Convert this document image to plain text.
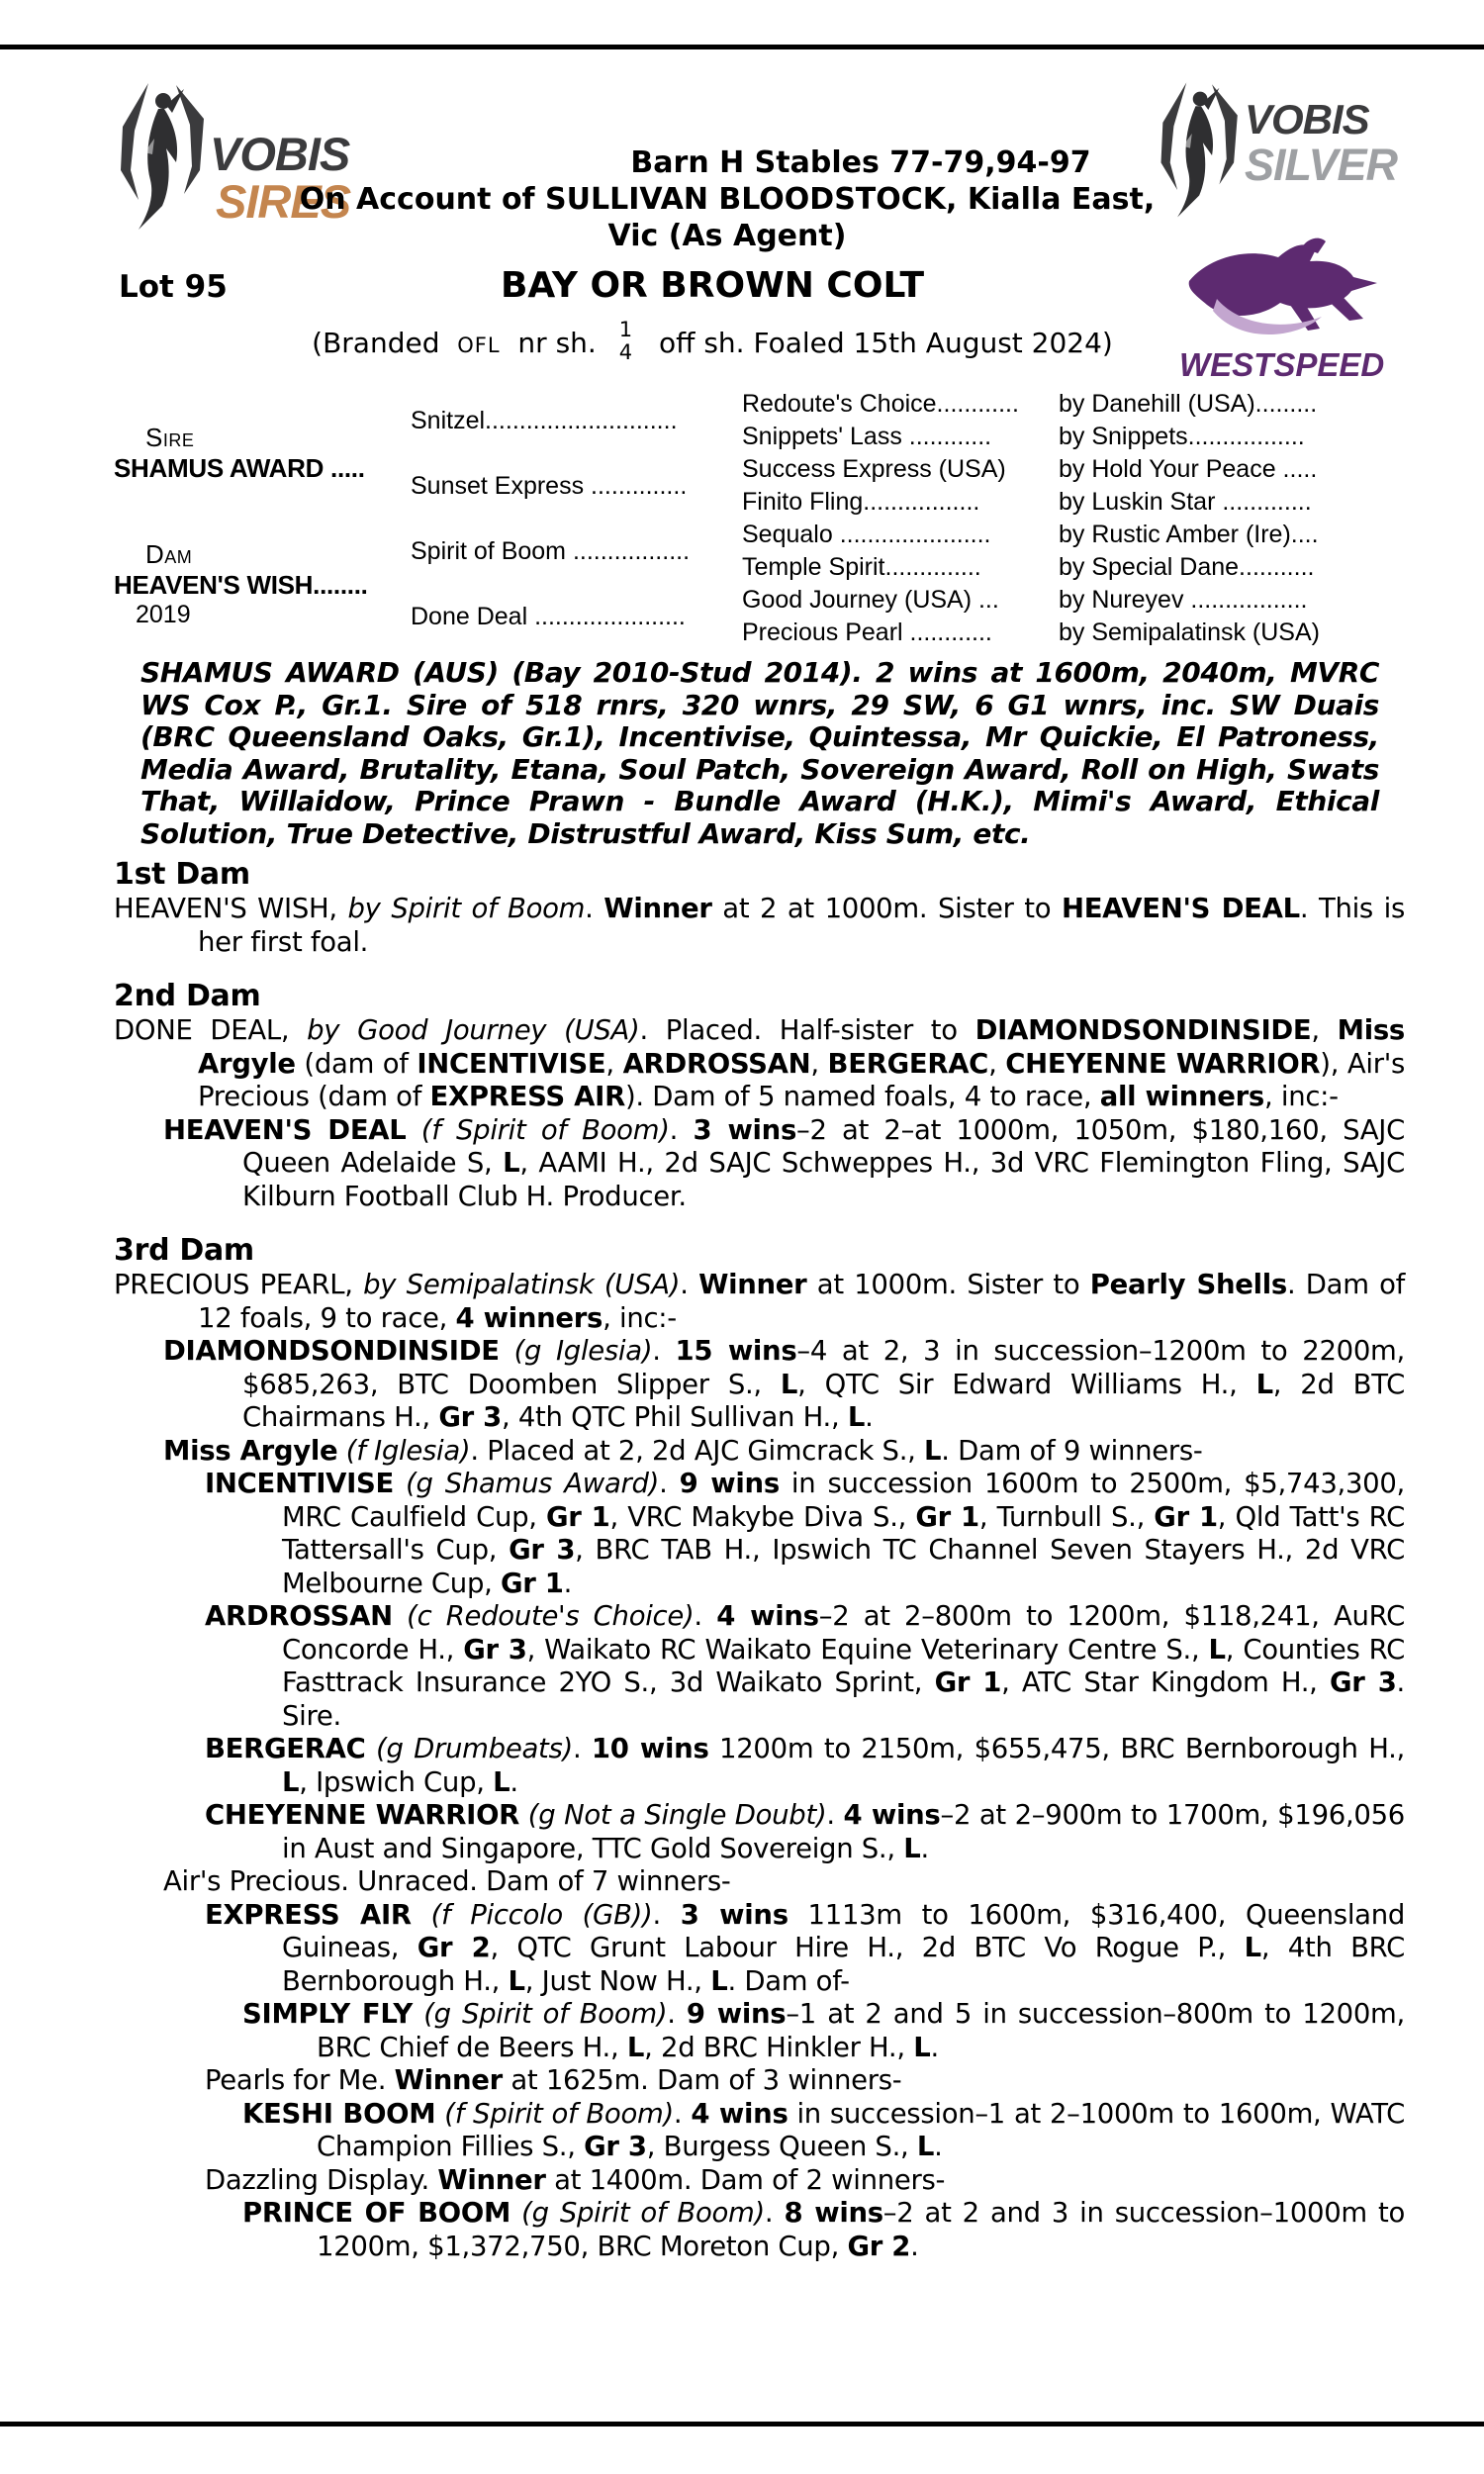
VOBIS
SIRES
VOBIS
SILVER
WESTSPEED
Barn H Stables 77-79,94-97
On Account of SULLIVAN BLOODSTOCK, Kialla East,
Vic (As Agent)
Lot 95	BAY OR BROWN COLT
(Branded OFL nr sh. 1
4 off sh. Foaled 15th August 2024)
Sire
SHAMUS AWARD .....
Dam
HEAVEN'S WISH........
2019
Snitzel............................
Sunset Express ..............
Spirit of Boom .................
Done Deal ......................
Redoute's Choice............
Snippets' Lass ............
Success Express (USA)
Finito Fling.................
Sequalo ......................
Temple Spirit..............
Good Journey (USA) ...
Precious Pearl ............
by Danehill (USA).........
by Snippets.................
by Hold Your Peace .....
by Luskin Star .............
by Rustic Amber (Ire)....
by Special Dane...........
by Nureyev .................
by Semipalatinsk (USA)
SHAMUS AWARD (AUS) (Bay 2010-Stud 2014). 2 wins at 1600m, 2040m, MVRC WS Cox P., Gr.1. Sire of 518 rnrs, 320 wnrs, 29 SW, 6 G1 wnrs, inc. SW Duais (BRC Queensland Oaks, Gr.1), Incentivise, Quintessa, Mr Quickie, El Patroness, Media Award, Brutality, Etana, Soul Patch, Sovereign Award, Roll on High, Swats That, Willaidow, Prince Prawn - Bundle Award (H.K.), Mimi's Award, Ethical Solution, True Detective, Distrustful Award, Kiss Sum, etc.
1st Dam

HEAVEN'S WISH, by Spirit of Boom. Winner at 2 at 1000m. Sister to HEAVEN'S DEAL. This is her first foal.

2nd Dam

DONE DEAL, by Good Journey (USA). Placed. Half-sister to DIAMONDSONDINSIDE, Miss Argyle (dam of INCENTIVISE, ARDROSSAN, BERGERAC, CHEYENNE WARRIOR), Air's Precious (dam of EXPRESS AIR). Dam of 5 named foals, 4 to race, all winners, inc:-

HEAVEN'S DEAL (f Spirit of Boom). 3 wins–2 at 2–at 1000m, 1050m, $180,160, SAJC Queen Adelaide S, L, AAMI H., 2d SAJC Schweppes H., 3d VRC Flemington Fling, SAJC Kilburn Football Club H. Producer.

3rd Dam

PRECIOUS PEARL, by Semipalatinsk (USA). Winner at 1000m. Sister to Pearly Shells. Dam of 12 foals, 9 to race, 4 winners, inc:-

DIAMONDSONDINSIDE (g Iglesia). 15 wins–4 at 2, 3 in succession–1200m to 2200m, $685,263, BTC Doomben Slipper S., L, QTC Sir Edward Williams H., L, 2d BTC Chairmans H., Gr 3, 4th QTC Phil Sullivan H., L.

Miss Argyle (f Iglesia). Placed at 2, 2d AJC Gimcrack S., L. Dam of 9 winners-

INCENTIVISE (g Shamus Award). 9 wins in succession 1600m to 2500m, $5,743,300, MRC Caulfield Cup, Gr 1, VRC Makybe Diva S., Gr 1, Turnbull S., Gr 1, Qld Tatt's RC Tattersall's Cup, Gr 3, BRC TAB H., Ipswich TC Channel Seven Stayers H., 2d VRC Melbourne Cup, Gr 1.

ARDROSSAN (c Redoute's Choice). 4 wins–2 at 2–800m to 1200m, $118,241, AuRC Concorde H., Gr 3, Waikato RC Waikato Equine Veterinary Centre S., L, Counties RC Fasttrack Insurance 2YO S., 3d Waikato Sprint, Gr 1, ATC Star Kingdom H., Gr 3. Sire.

BERGERAC (g Drumbeats). 10 wins 1200m to 2150m, $655,475, BRC Bernborough H., L, Ipswich Cup, L.

CHEYENNE WARRIOR (g Not a Single Doubt). 4 wins–2 at 2–900m to 1700m, $196,056 in Aust and Singapore, TTC Gold Sovereign S., L.

Air's Precious. Unraced. Dam of 7 winners-

EXPRESS AIR (f Piccolo (GB)). 3 wins 1113m to 1600m, $316,400, Queensland Guineas, Gr 2, QTC Grunt Labour Hire H., 2d BTC Vo Rogue P., L, 4th BRC Bernborough H., L, Just Now H., L. Dam of-

SIMPLY FLY (g Spirit of Boom). 9 wins–1 at 2 and 5 in succession–800m to 1200m, BRC Chief de Beers H., L, 2d BRC Hinkler H., L.

Pearls for Me. Winner at 1625m. Dam of 3 winners-

KESHI BOOM (f Spirit of Boom). 4 wins in succession–1 at 2–1000m to 1600m, WATC Champion Fillies S., Gr 3, Burgess Queen S., L.

Dazzling Display. Winner at 1400m. Dam of 2 winners-

PRINCE OF BOOM (g Spirit of Boom). 8 wins–2 at 2 and 3 in succession–1000m to 1200m, $1,372,750, BRC Moreton Cup, Gr 2.
